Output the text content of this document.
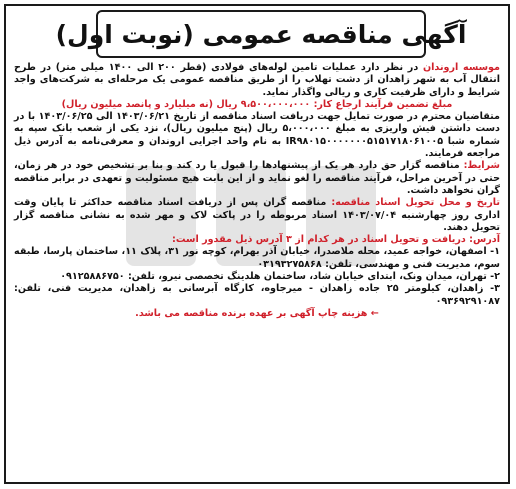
آگهی مناقصه عمومی (نوبت اول)

موسسه اروندان در نظر دارد عملیات تامین لوله‌های فولادی (قطر ۲۰۰ الی ۱۴۰۰ میلی متر) در طرح انتقال آب به شهر زاهدان از دشت تهلاب را از طریق مناقصه عمومی یک مرحله‌ای به شرکت‌های واجد شرایط و دارای ظرفیت کاری و ریالی واگذار نماید.

مبلغ تضمین فرآیند ارجاع کار: ۹،۵۰۰،۰۰۰،۰۰۰ ریال (نه میلیارد و پانصد میلیون ریال)

متقاضیان محترم در صورت تمایل جهت دریافت اسناد مناقصه از تاریخ ۱۴۰۳/۰۶/۲۱ الی ۱۴۰۳/۰۶/۲۵ با در دست داشتن فیش واریزی به مبلغ ۵،۰۰۰،۰۰۰ ریال (پنج میلیون ریال)، نزد یکی از شعب بانک سپه به شماره شبا IR۹۸۰۱۵۰۰۰۰۰۰۰۵۱۵۱۷۱۸۰۶۱۰۰۵ به نام واحد اجرایی اروندان و معرفی‌نامه به آدرس ذیل مراجعه فرمایند.

شرایط: مناقصه گزار حق دارد هر یک از پیشنهادها را قبول یا رد کند و بنا بر تشخیص خود در هر زمان، حتی در آخرین مراحل، فرآیند مناقصه را لغو نماید و از این بابت هیچ مسئولیت و تعهدی در برابر مناقصه گران نخواهد داشت.

تاریخ و محل تحویل اسناد مناقصه: مناقصه گران پس از دریافت اسناد مناقصه حداکثر تا پایان وقت اداری روز چهارشنبه ۱۴۰۳/۰۷/۰۴ اسناد مربوطه را در پاکت لاک و مهر شده به نشانی مناقصه گزار تحویل دهند.

آدرس: دریافت و تحویل اسناد در هر کدام از ۳ آدرس ذیل مقدور است:

۱- اصفهان، خواجه عمید، محله ملاصدرا، خیابان آذر بهرام، کوچه نور ۳۱، پلاک ۱۱، ساختمان پارسا، طبقه سوم، مدیریت فنی و مهندسی، تلفن: ۰۳۱۹۳۲۷۵۸۶۸

۲- تهران، میدان ونک، ابتدای خیابان شاد، ساختمان هلدینگ تخصصی نیرو، تلفن: ۰۹۱۲۵۸۸۶۷۵۰

۳- زاهدان، کیلومتر ۲۵ جاده زاهدان - میرجاوه، کارگاه آبرسانی به زاهدان، مدیریت فنی، تلفن: ۰۹۳۶۹۲۹۱۰۸۷

← هزینه چاپ آگهی بر عهده برنده مناقصه می باشد.
